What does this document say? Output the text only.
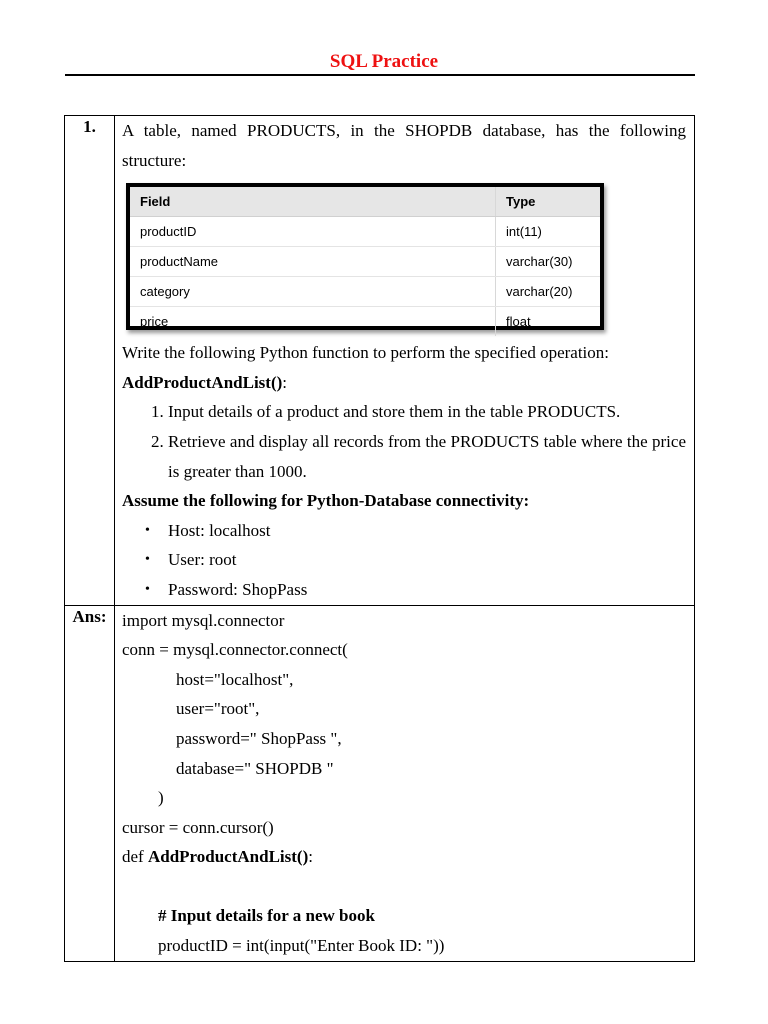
SQL Practice
1.	A table, named PRODUCTS, in the SHOPDB database, has the following structure:
Field	Type
productID	int(11)
productName	varchar(30)
category	varchar(20)
price	float
Write the following Python function to perform the specified operation:
AddProductAndList():
1. Input details of a product and store them in the table PRODUCTS.
2. Retrieve and display all records from the PRODUCTS table where the price is greater than 1000.
Assume the following for Python-Database connectivity:
• Host: localhost
• User: root
• Password: ShopPass

Ans:	import mysql.connector
conn = mysql.connector.connect(
host="localhost",
user="root",
password=" ShopPass ",
database=" SHOPDB "
)
cursor = conn.cursor()
def AddProductAndList():
# Input details for a new book
productID = int(input("Enter Book ID: "))
